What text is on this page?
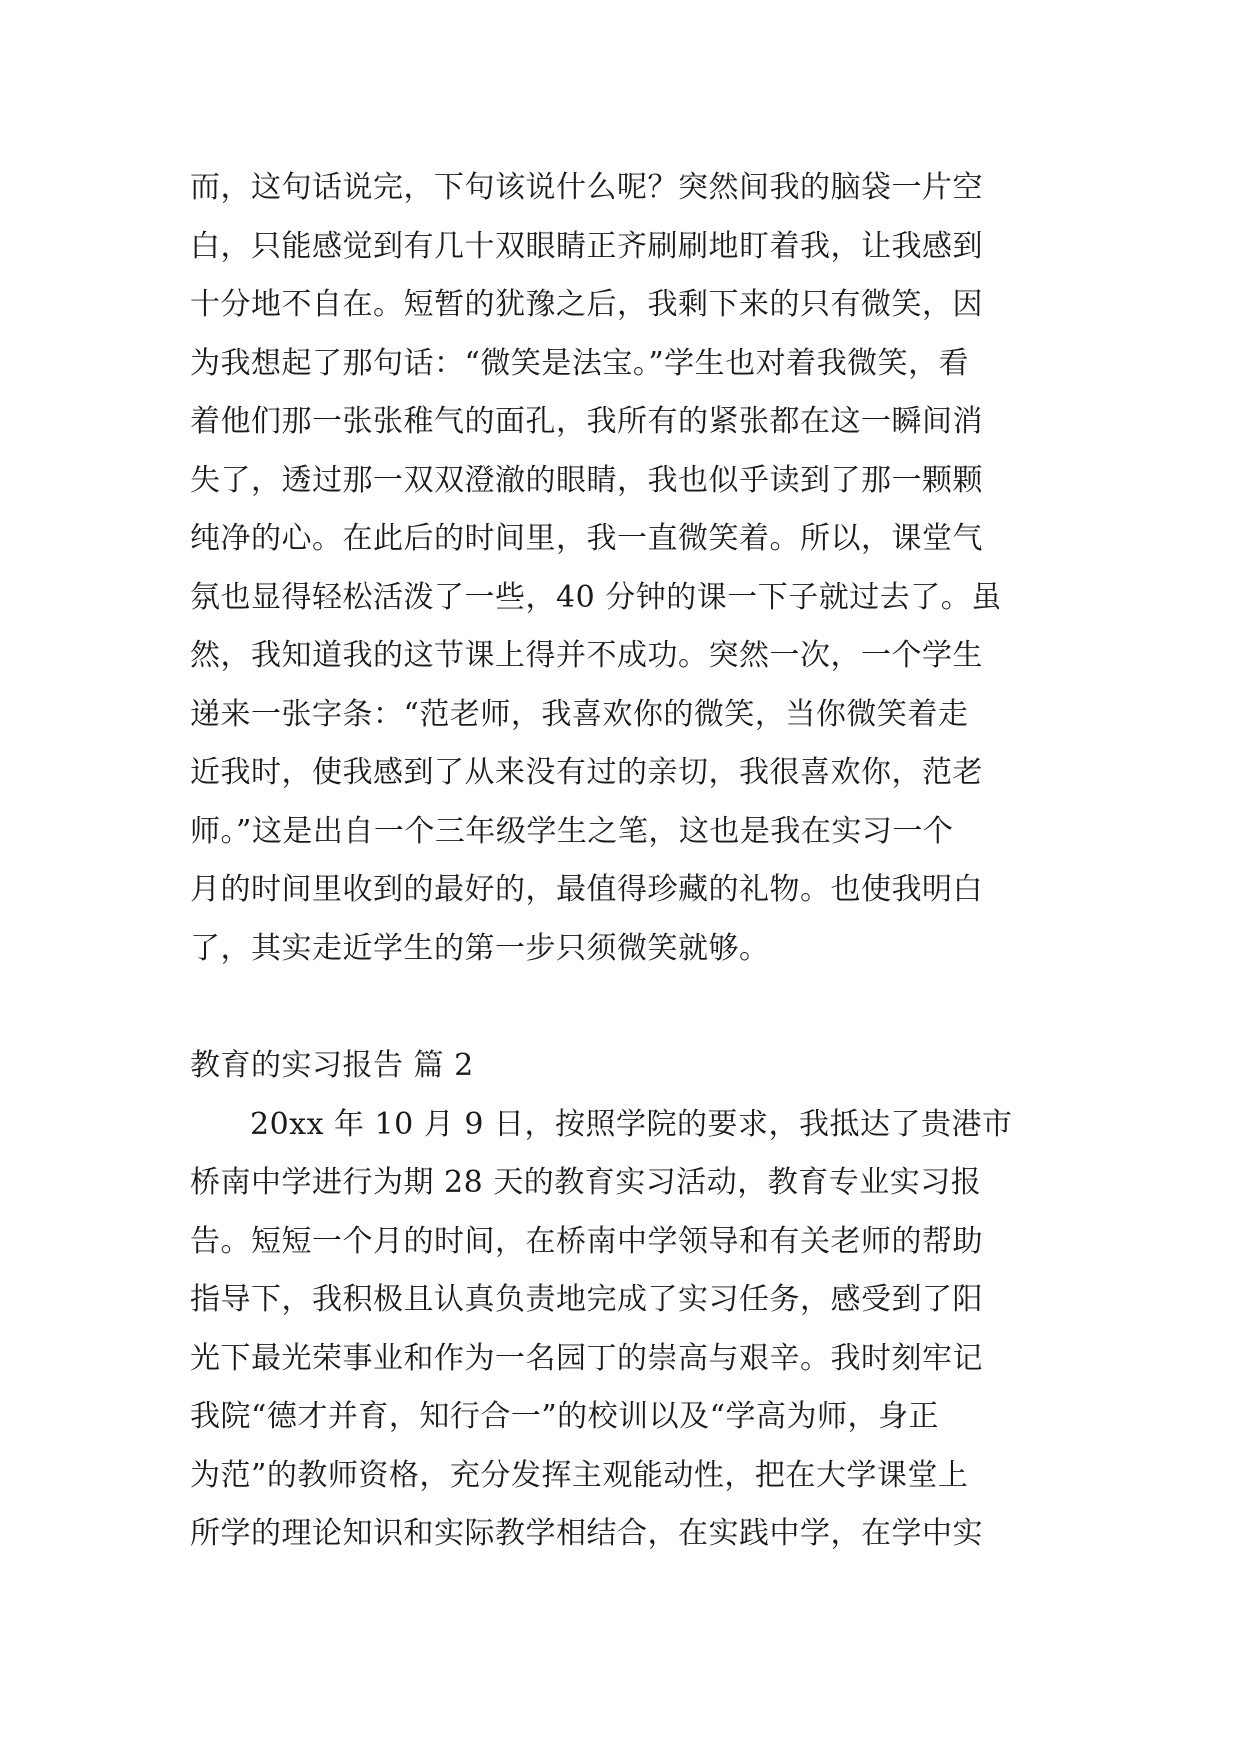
而，这句话说完，下句该说什么呢？突然间我的脑袋一片空
白，只能感觉到有几十双眼睛正齐刷刷地盯着我，让我感到
十分地不自在。短暂的犹豫之后，我剩下来的只有微笑，因
为我想起了那句话：“微笑是法宝。”学生也对着我微笑，看
着他们那一张张稚气的面孔，我所有的紧张都在这一瞬间消
失了，透过那一双双澄澈的眼睛，我也似乎读到了那一颗颗
纯净的心。在此后的时间里，我一直微笑着。所以，课堂气
氛也显得轻松活泼了一些，40 分钟的课一下子就过去了。虽
然，我知道我的这节课上得并不成功。突然一次，一个学生
递来一张字条：“范老师，我喜欢你的微笑，当你微笑着走
近我时，使我感到了从来没有过的亲切，我很喜欢你，范老
师。”这是出自一个三年级学生之笔，这也是我在实习一个
月的时间里收到的最好的，最值得珍藏的礼物。也使我明白
了，其实走近学生的第一步只须微笑就够。
教育的实习报告 篇 2
20xx 年 10 月 9 日，按照学院的要求，我抵达了贵港市
桥南中学进行为期 28 天的教育实习活动，教育专业实习报
告。短短一个月的时间，在桥南中学领导和有关老师的帮助
指导下，我积极且认真负责地完成了实习任务，感受到了阳
光下最光荣事业和作为一名园丁的崇高与艰辛。我时刻牢记
我院“德才并育，知行合一”的校训以及“学高为师，身正
为范”的教师资格，充分发挥主观能动性，把在大学课堂上
所学的理论知识和实际教学相结合，在实践中学，在学中实
